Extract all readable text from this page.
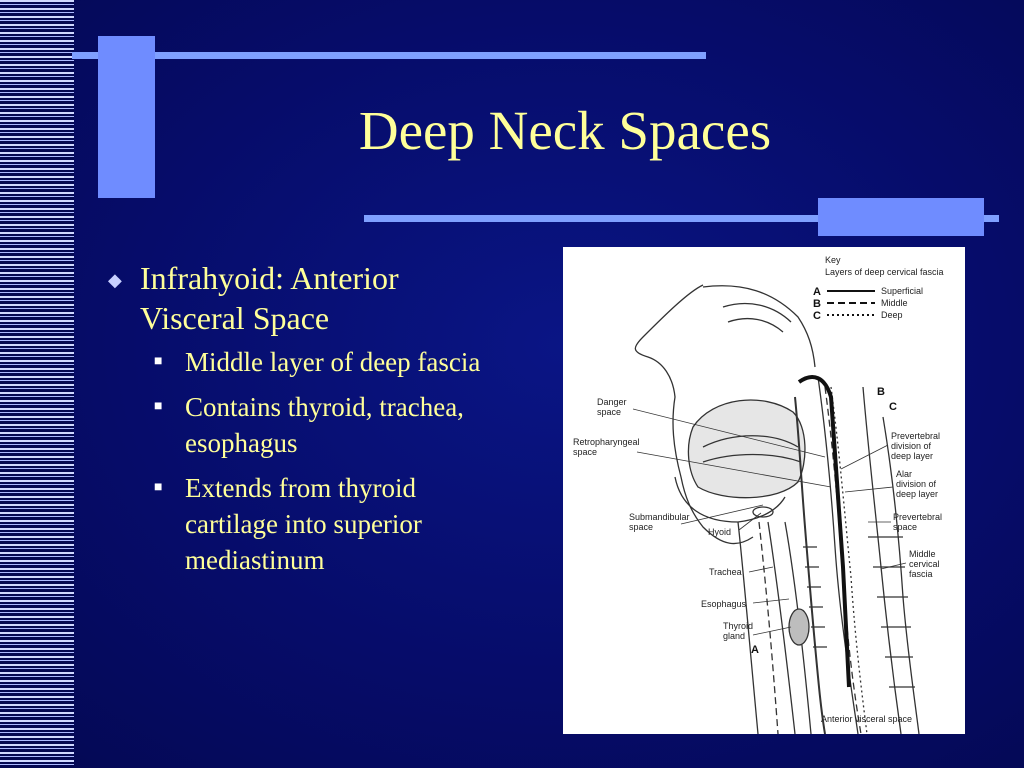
Deep Neck Spaces
◆ Infrahyoid: Anterior Visceral Space
■ Middle layer of deep fascia
■ Contains thyroid, trachea, esophagus
■ Extends from thyroid cartilage into superior mediastinum
Key
Layers of deep cervical fascia
A	Superficial
B	Middle
C	Deep
B
C
A
Danger space
Retropharyngeal space
Submandibular space	Hyoid
Trachea
Esophagus
Thyroid gland
Prevertebral division of deep layer
Alar division of deep layer
Prevertebral space
Middle cervical fascia
Anterior visceral space
